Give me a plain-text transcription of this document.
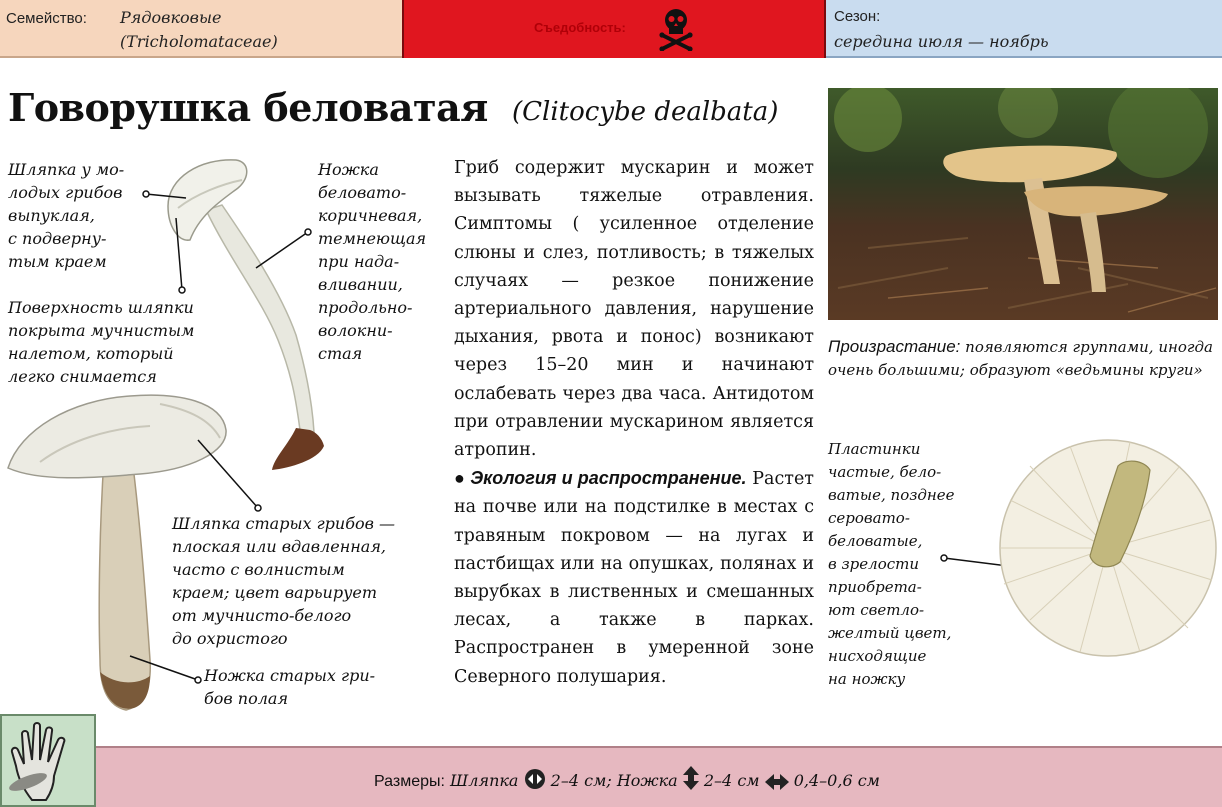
Семейство: Рядовковые
(Tricholomataceae)
Съедобность:
Сезон:
середина июля — ноябрь
Говорушка беловатая (Clitocybe dealbata)
Шляпка у мо-
лодых грибов
выпуклая,
с подверну-
тым краем
Ножка
беловато-
коричневая,
темнеющая
при нада-
вливании,
продольно-
волокни-
стая
Поверхность шляпки
покрыта мучнистым
налетом, который
легко снимается
Шляпка старых грибов —
плоская или вдавленная,
часто с волнистым
краем; цвет варьирует
от мучнисто-белого
до охристого
Ножка старых гри-
бов полая
Пластинки
частые, бело-
ватые, позднее
серовато-
беловатые,
в зрелости
приобрета-
ют светло-
желтый цвет,
нисходящие
на ножку

Гриб содержит мускарин и может вызывать тяжелые отравления. Симптомы ( усиленное отделение слюны и слез, потливость; в тяжелых случаях — резкое понижение артериального давления, нарушение дыхания, рвота и понос) возникают через 15–20 мин и начинают ослабевать через два часа. Антидотом при отравлении мускарином является атропин.

● Экология и распространение. Растет на почве или на подстилке в местах с травяным покровом — на лугах и пастбищах или на опушках, полянах и вырубках в лиственных и смешанных лесах, а также в парках. Распространен в умеренной зоне Северного полушария.

Произрастание: появляются группами, иногда очень большими; образуют «ведьмины круги»
Размеры: Шляпка 2–4 см; Ножка 2–4 см 0,4–0,6 см
